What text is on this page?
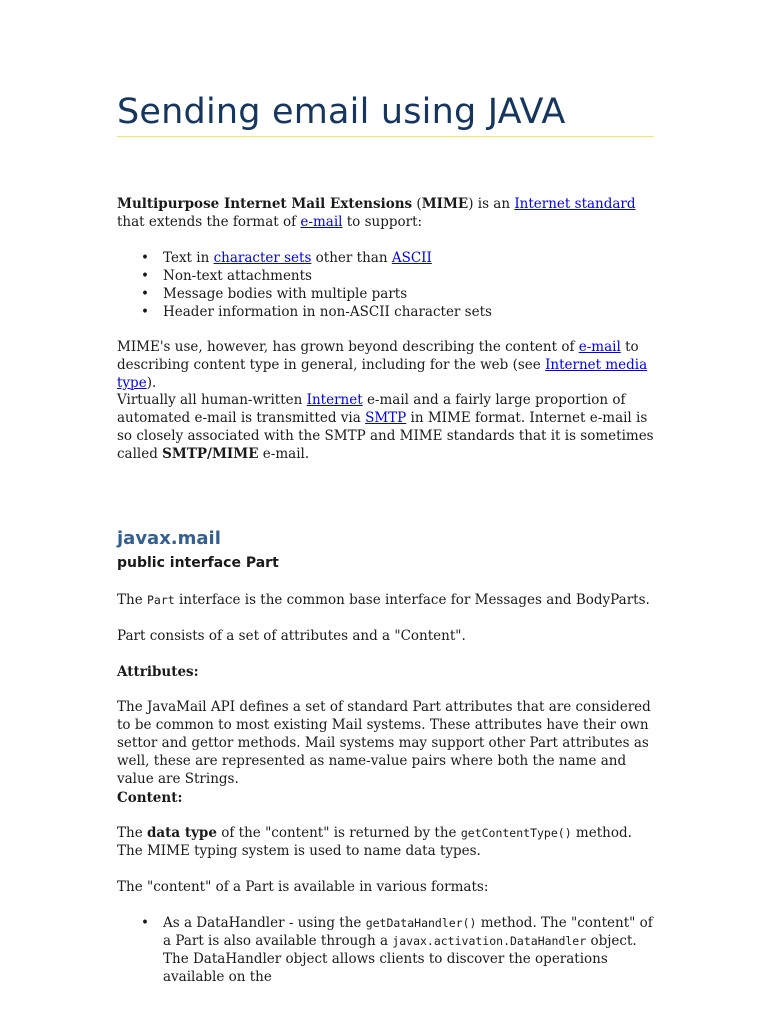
Sending email using JAVA

Multipurpose Internet Mail Extensions (MIME) is an Internet standard that extends the format of e-mail to support:

• Text in character sets other than ASCII
• Non-text attachments
• Message bodies with multiple parts
• Header information in non-ASCII character sets

MIME's use, however, has grown beyond describing the content of e-mail to describing content type in general, including for the web (see Internet media type).

Virtually all human-written Internet e-mail and a fairly large proportion of automated e-mail is transmitted via SMTP in MIME format. Internet e-mail is so closely associated with the SMTP and MIME standards that it is sometimes called SMTP/MIME e-mail.

javax.mail
public interface Part

The Part interface is the common base interface for Messages and BodyParts.

Part consists of a set of attributes and a "Content".

Attributes:

The JavaMail API defines a set of standard Part attributes that are considered to be common to most existing Mail systems. These attributes have their own settor and gettor methods. Mail systems may support other Part attributes as well, these are represented as name-value pairs where both the name and value are Strings.

Content:

The data type of the "content" is returned by the getContentType() method. The MIME typing system is used to name data types.

The "content" of a Part is available in various formats:

• As a DataHandler - using the getDataHandler() method. The "content" of a Part is also available through a javax.activation.DataHandler object. The DataHandler object allows clients to discover the operations available on the
